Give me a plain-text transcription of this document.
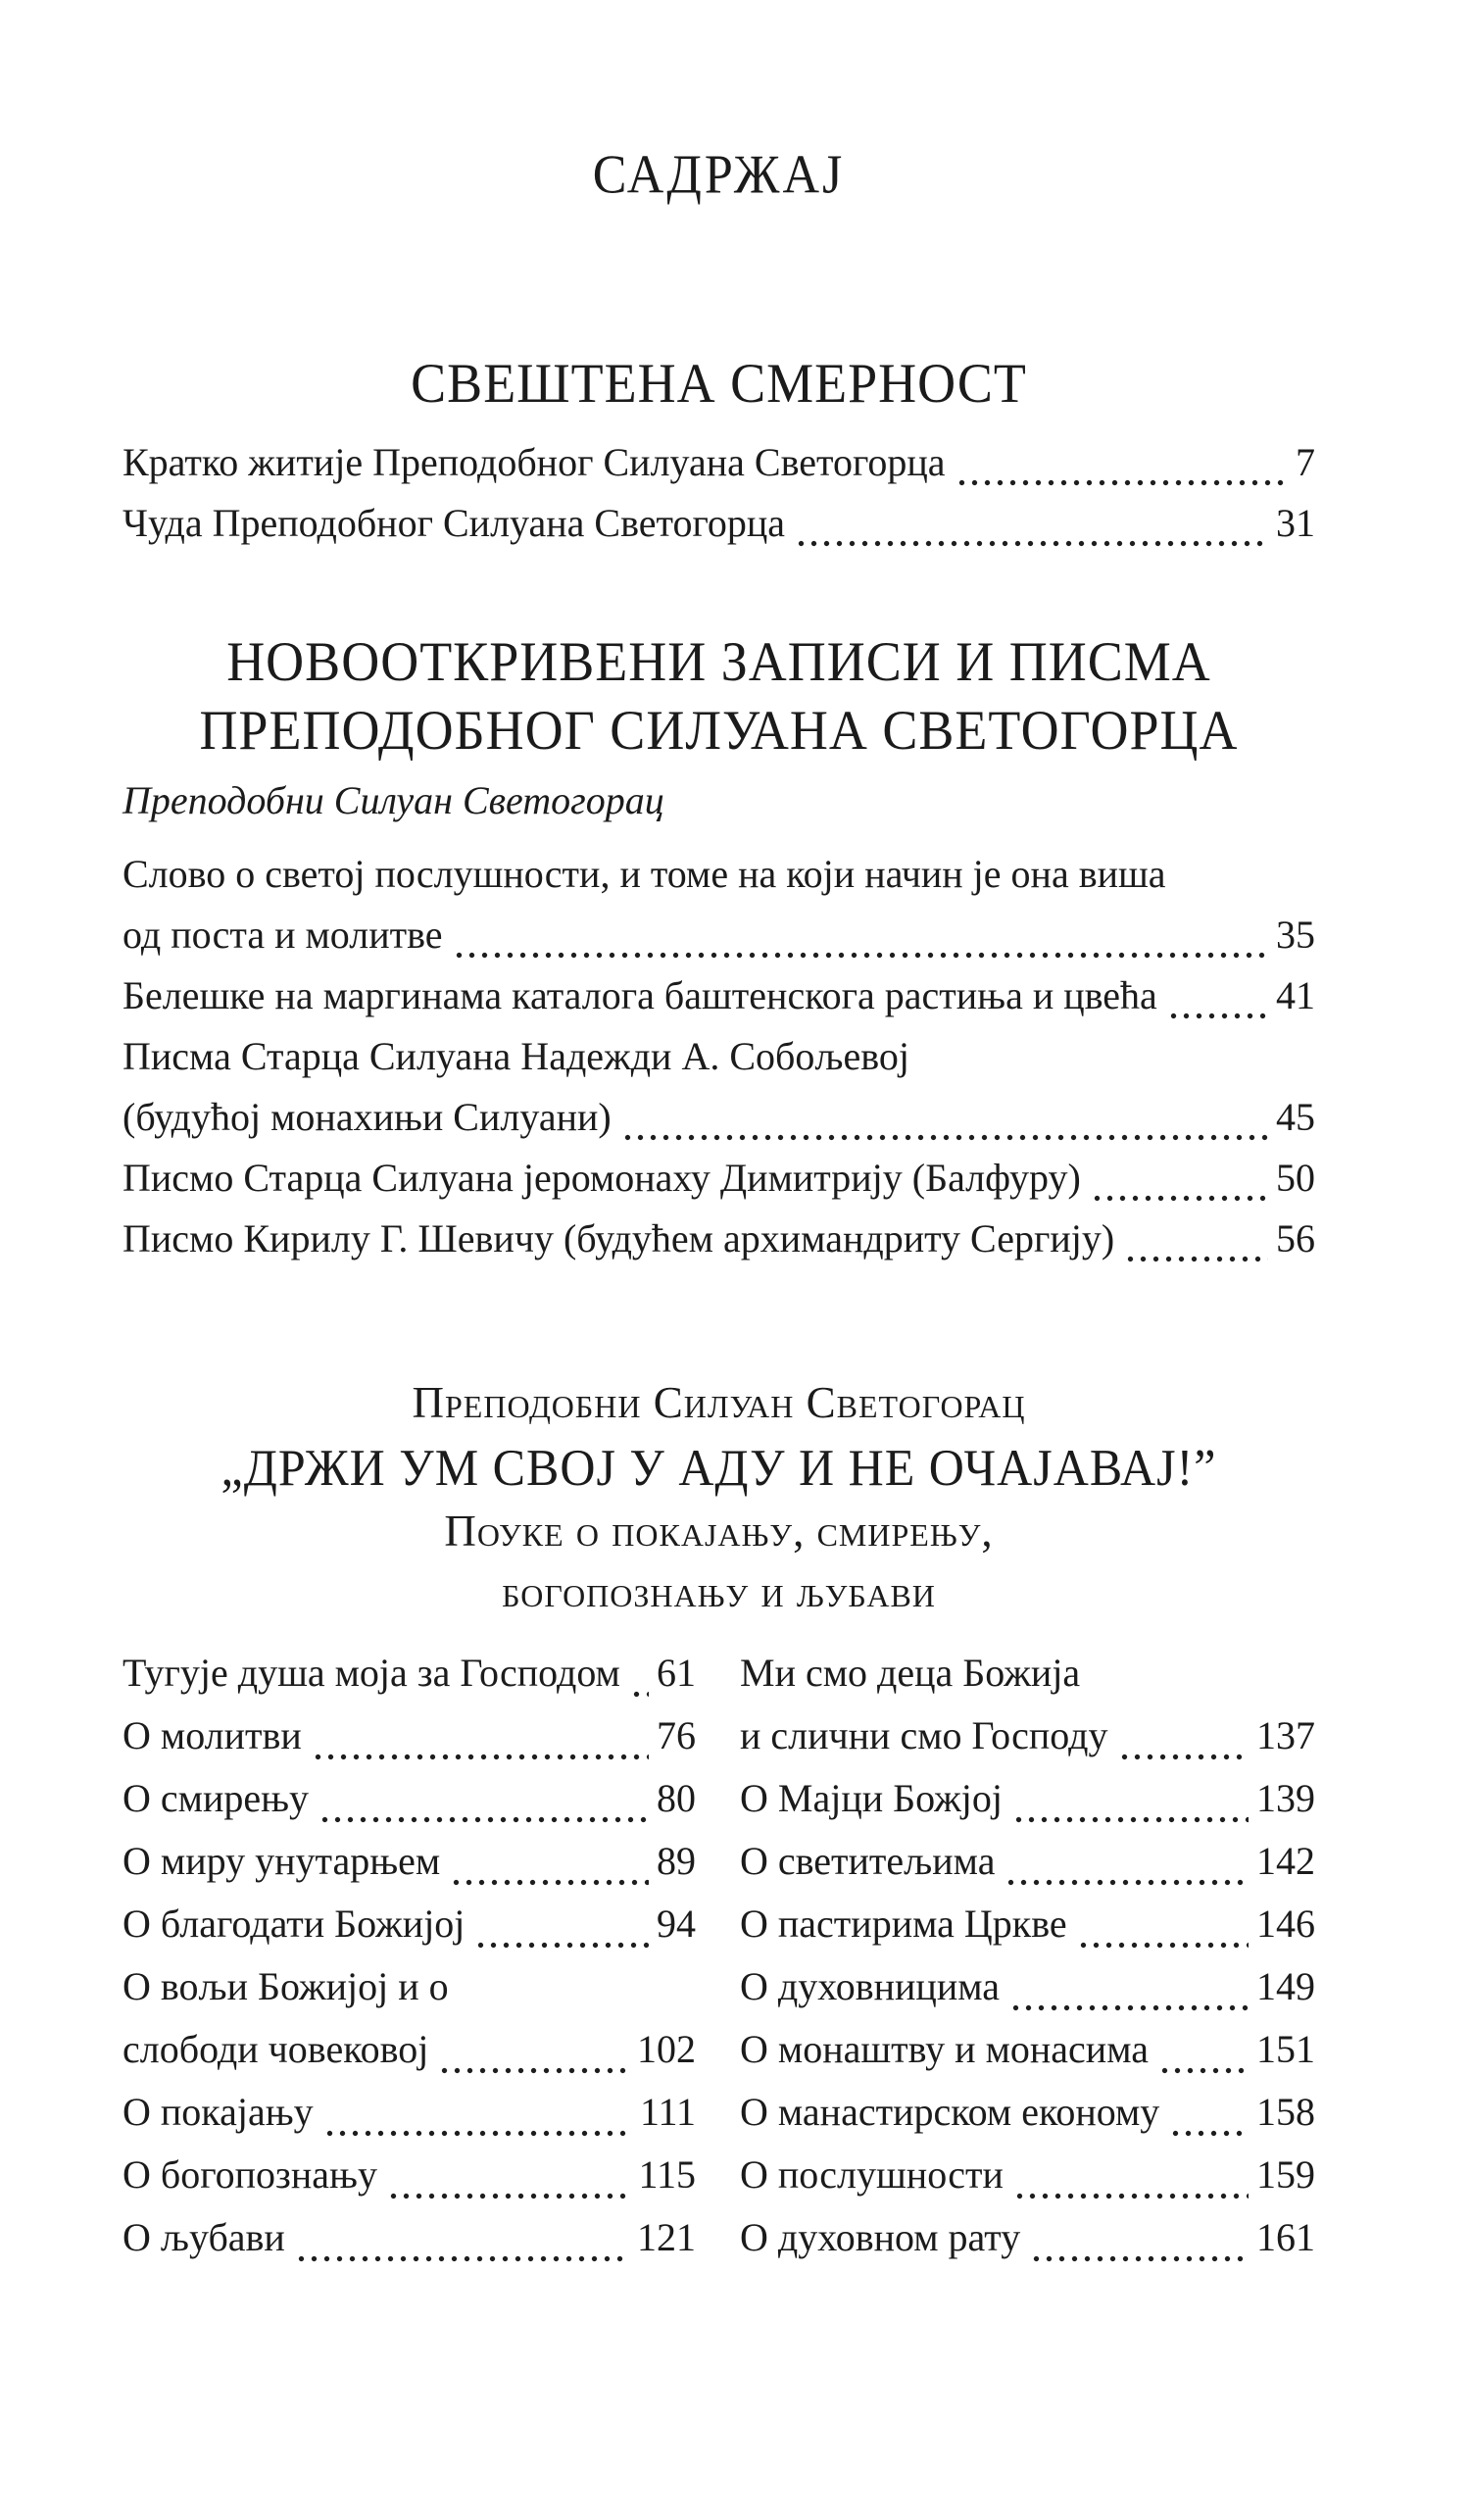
САДРЖАЈ
СВЕШТЕНА СМЕРНОСТ
Кратко житије Преподобног Силуана Светогорца	7
Чуда Преподобног Силуана Светогорца	31
НОВООТКРИВЕНИ ЗАПИСИ И ПИСМА
ПРЕПОДОБНОГ СИЛУАНА СВЕТОГОРЦА
Преподобни Силуан Светогорац
Слово о светој послушности, и томе на који начин је она виша
од поста и молитве	35
Белешке на маргинама каталога баштенскога растиња и цвећа	41
Писма Старца Силуана Надежди А. Собољевој
(будућој монахињи Силуани)	45
Писмо Старца Силуана јеромонаху Димитрију (Балфуру)	50
Писмо Кирилу Г. Шевичу (будућем архимандриту Сергију)	56
Преподобни Силуан Светогорац
„ДРЖИ УМ СВОЈ У АДУ И НЕ ОЧАЈАВАЈ!”
Поуке о покајању, смирењу,
богопознању и љубави
Тугује душа моја за Господом 61
О молитви	76
О смирењу	80
О миру унутарњем	89
О благодати Божијој	94
О вољи Божијој и о
слободи човековој	102
О покајању	111
О богопознању	115
О љубави	121
Ми смо деца Божија
и слични смо Господу	137
О Мајци Божјој	139
О светитељима	142
О пастирима Цркве	146
О духовницима	149
О монаштву и монасима	151
О манастирском економу 158
О послушности	159
О духовном рату	161
